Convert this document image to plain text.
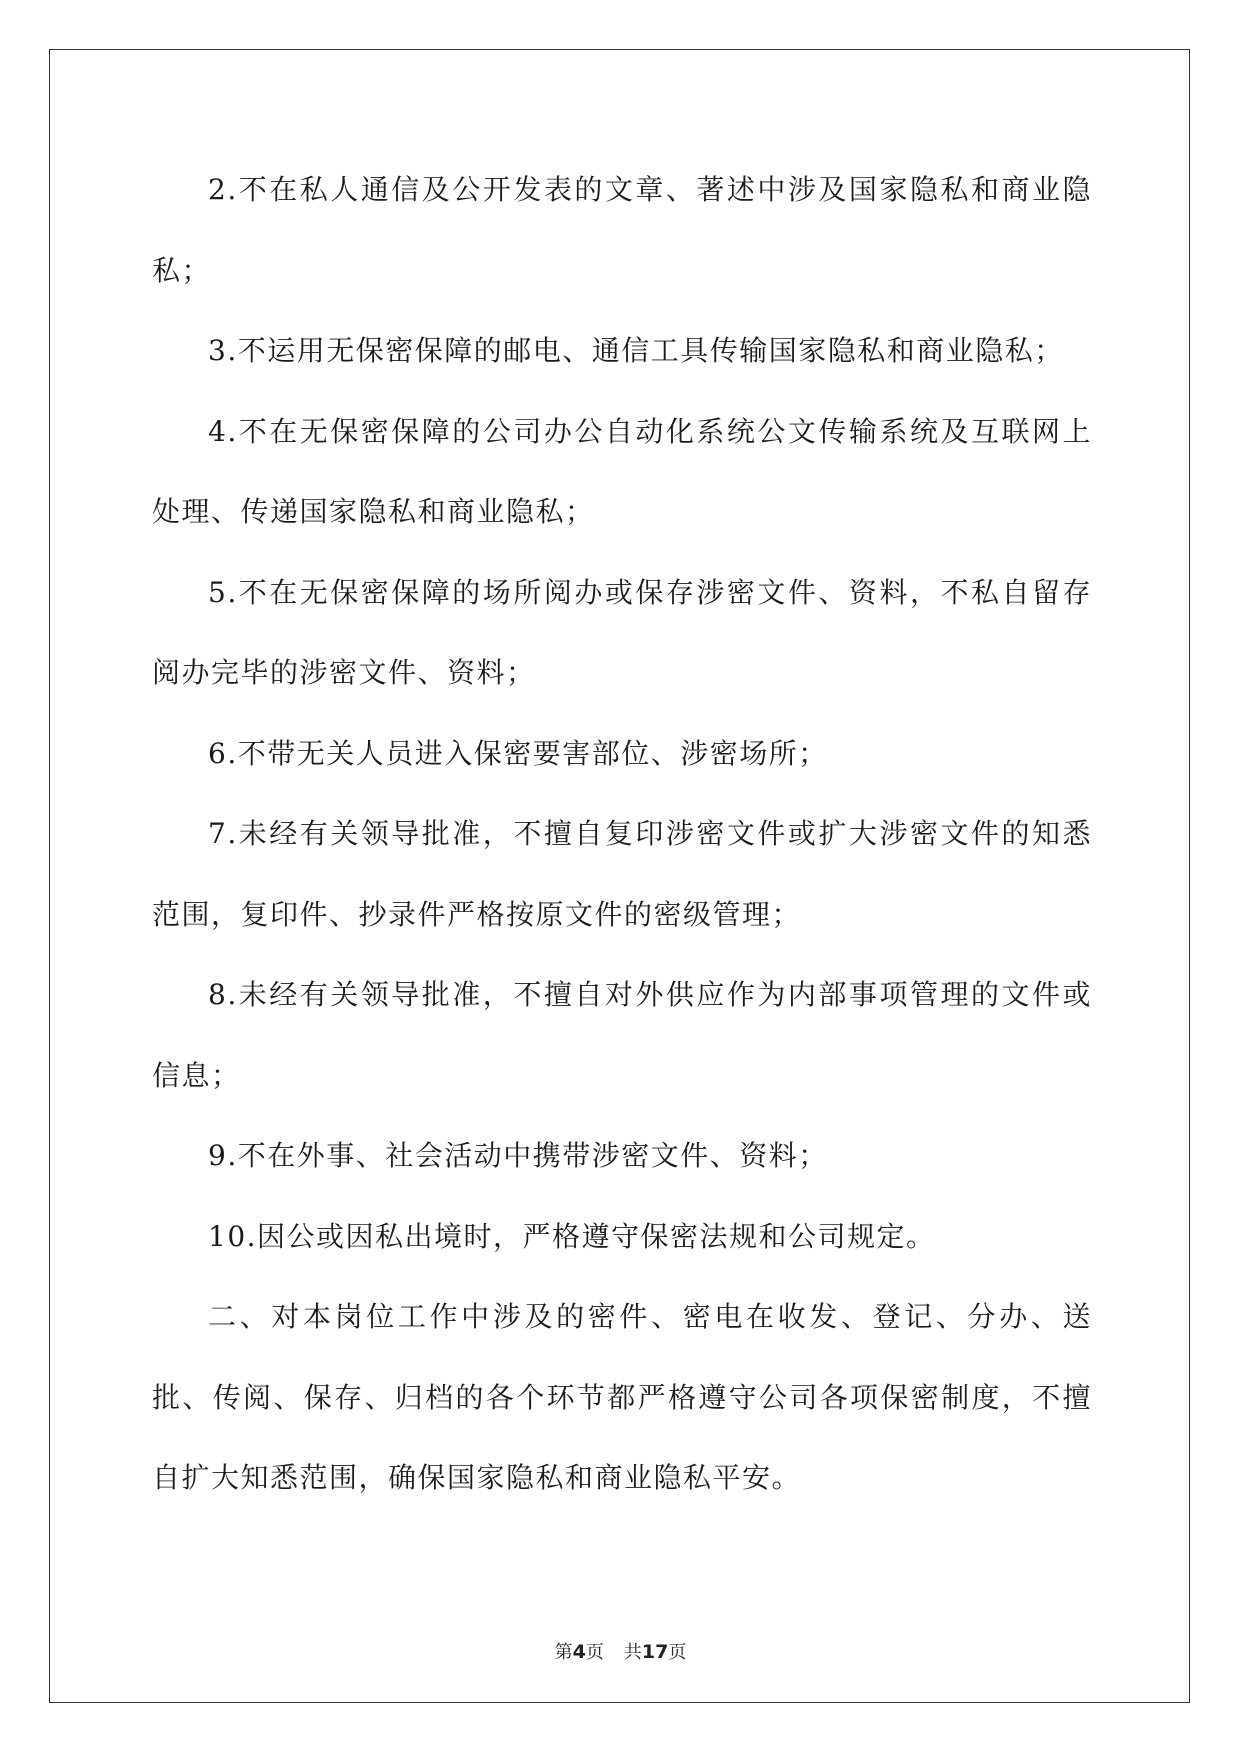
2.不在私人通信及公开发表的文章、著述中涉及国家隐私和商业隐私；

3.不运用无保密保障的邮电、通信工具传输国家隐私和商业隐私；

4.不在无保密保障的公司办公自动化系统公文传输系统及互联网上处理、传递国家隐私和商业隐私；

5.不在无保密保障的场所阅办或保存涉密文件、资料，不私自留存阅办完毕的涉密文件、资料；

6.不带无关人员进入保密要害部位、涉密场所；

7.未经有关领导批准，不擅自复印涉密文件或扩大涉密文件的知悉范围，复印件、抄录件严格按原文件的密级管理；

8.未经有关领导批准，不擅自对外供应作为内部事项管理的文件或信息；

9.不在外事、社会活动中携带涉密文件、资料；

10.因公或因私出境时，严格遵守保密法规和公司规定。

二、对本岗位工作中涉及的密件、密电在收发、登记、分办、送批、传阅、保存、归档的各个环节都严格遵守公司各项保密制度，不擅自扩大知悉范围，确保国家隐私和商业隐私平安。

第4页 共17页
